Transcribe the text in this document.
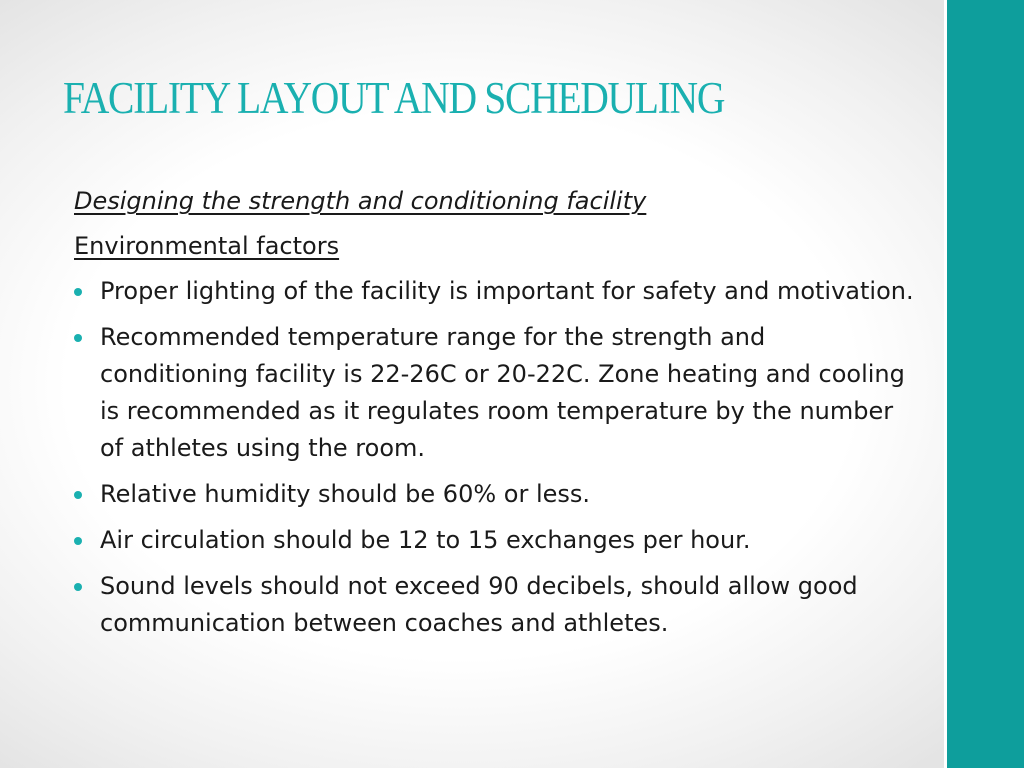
FACILITY LAYOUT AND SCHEDULING
Designing the strength and conditioning facility
Environmental factors
Proper lighting of the facility is important for safety and motivation.
Recommended temperature range for the strength and conditioning facility is 22-26C or 20-22C. Zone heating and cooling is recommended as it regulates room temperature by the number of athletes using the room.
Relative humidity should be 60% or less.
Air circulation should be 12 to 15 exchanges per hour.
Sound levels should not exceed 90 decibels, should allow good communication between coaches and athletes.
